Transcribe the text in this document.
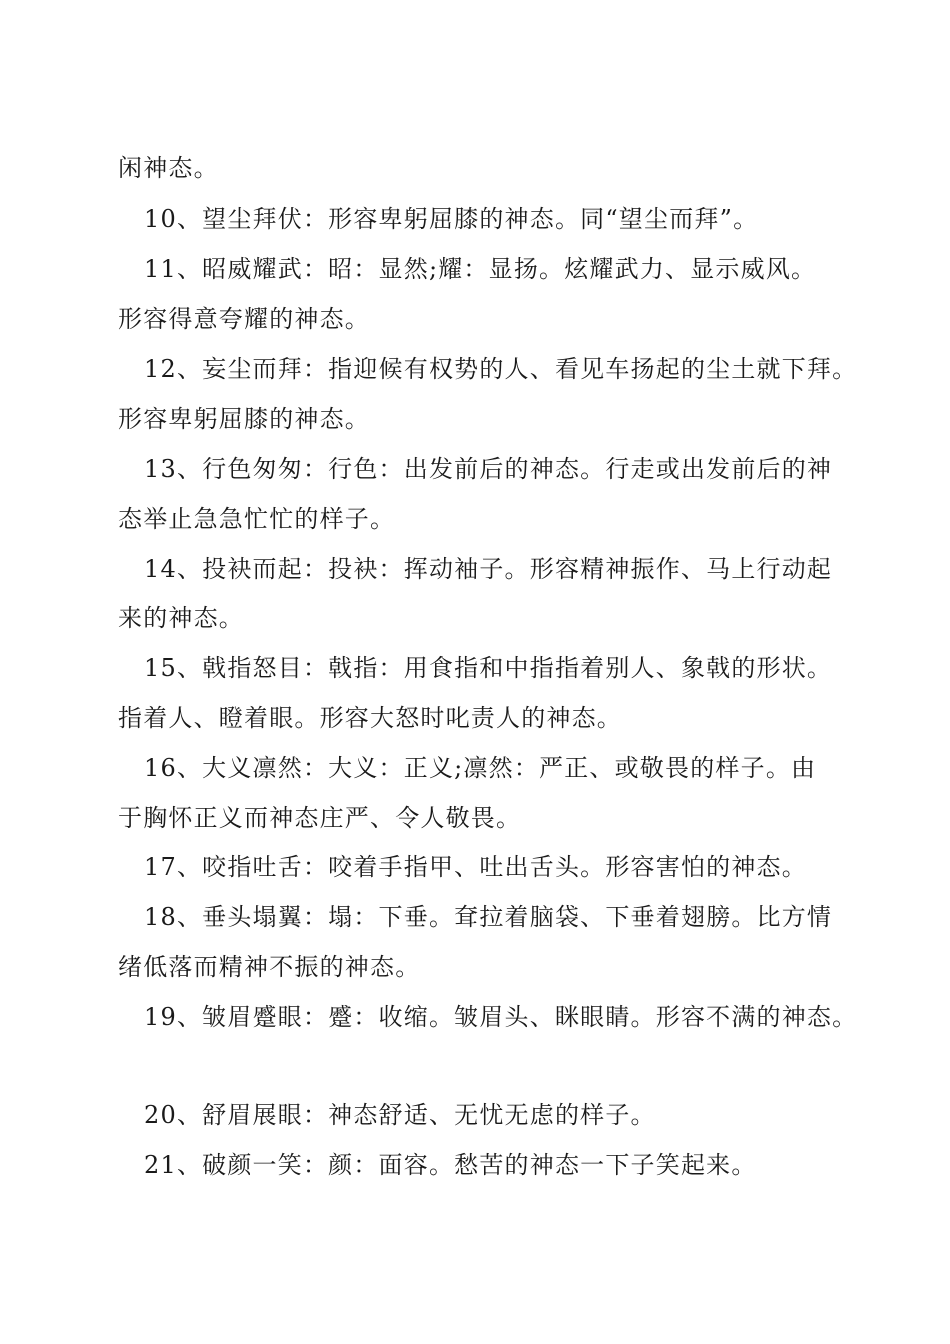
闲神态。
10、望尘拜伏：形容卑躬屈膝的神态。同“望尘而拜”。
11、昭威耀武：昭：显然;耀：显扬。炫耀武力、显示威风。
形容得意夸耀的神态。
12、妄尘而拜：指迎候有权势的人、看见车扬起的尘土就下拜。
形容卑躬屈膝的神态。
13、行色匆匆：行色：出发前后的神态。行走或出发前后的神
态举止急急忙忙的样子。
14、投袂而起：投袂：挥动袖子。形容精神振作、马上行动起
来的神态。
15、戟指怒目：戟指：用食指和中指指着别人、象戟的形状。
指着人、瞪着眼。形容大怒时叱责人的神态。
16、大义凛然：大义：正义;凛然：严正、或敬畏的样子。由
于胸怀正义而神态庄严、令人敬畏。
17、咬指吐舌：咬着手指甲、吐出舌头。形容害怕的神态。
18、垂头塌翼：塌：下垂。耷拉着脑袋、下垂着翅膀。比方情
绪低落而精神不振的神态。
19、皱眉蹙眼：蹙：收缩。皱眉头、眯眼睛。形容不满的神态。
20、舒眉展眼：神态舒适、无忧无虑的样子。
21、破颜一笑：颜：面容。愁苦的神态一下子笑起来。
